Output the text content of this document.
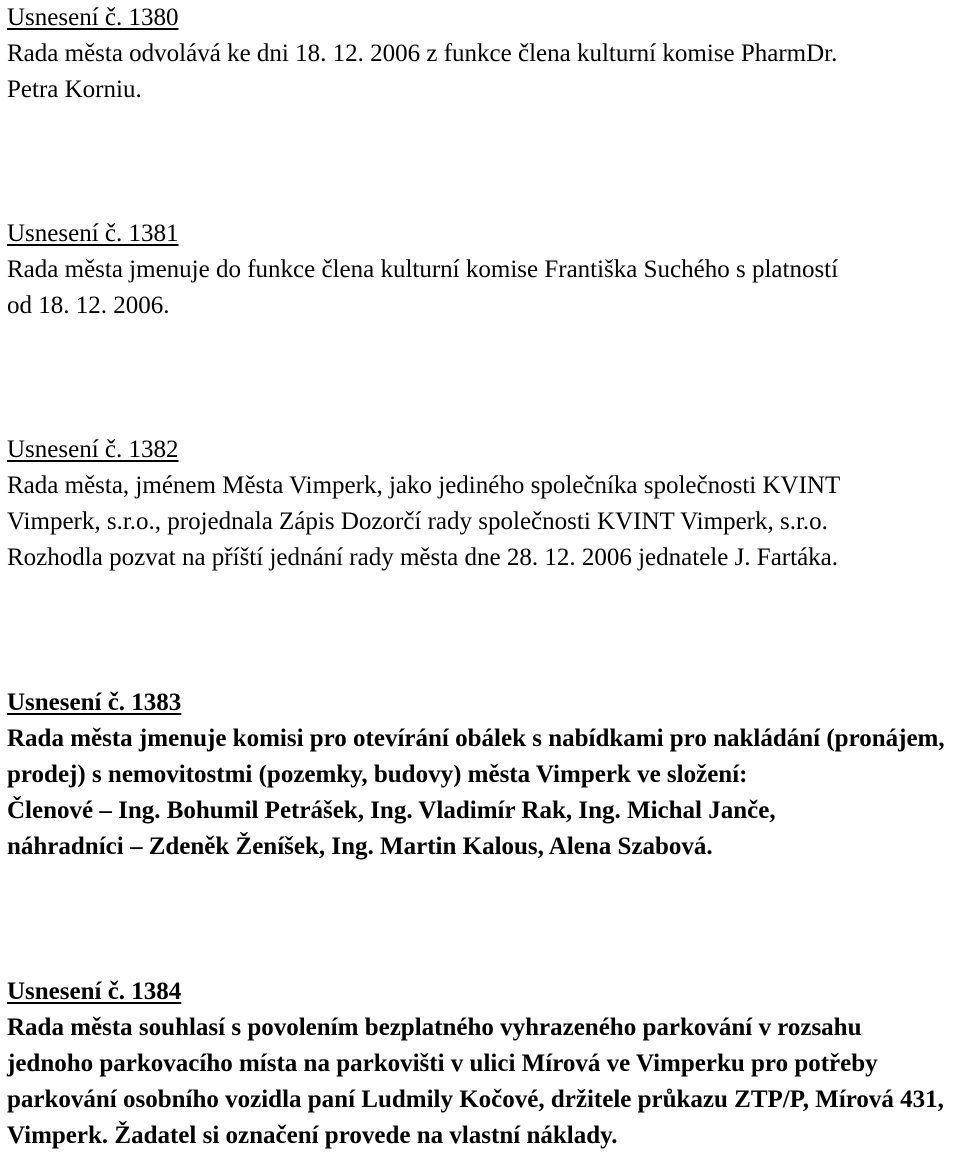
Usnesení č. 1380
Rada města odvolává ke dni 18. 12. 2006 z funkce člena kulturní komise PharmDr.
Petra Korniu.
Usnesení č. 1381
Rada města jmenuje do funkce člena kulturní komise Františka Suchého s platností
od 18. 12. 2006.
Usnesení č. 1382
Rada města, jménem Města Vimperk, jako jediného společníka společnosti KVINT
Vimperk, s.r.o., projednala Zápis Dozorčí rady společnosti KVINT Vimperk, s.r.o.
Rozhodla pozvat na příští jednání rady města dne 28. 12. 2006 jednatele J. Fartáka.
Usnesení č. 1383
Rada města jmenuje komisi pro otevírání obálek s nabídkami pro nakládání (pronájem,
prodej) s nemovitostmi (pozemky, budovy) města Vimperk ve složení:
Členové – Ing. Bohumil Petrášek, Ing. Vladimír Rak, Ing. Michal Janče,
náhradníci – Zdeněk Ženíšek, Ing. Martin Kalous, Alena Szabová.
Usnesení č. 1384
Rada města souhlasí s povolením bezplatného vyhrazeného parkování v rozsahu
jednoho parkovacího místa na parkovišti v ulici Mírová ve Vimperku pro potřeby
parkování osobního vozidla paní Ludmily Kočové, držitele průkazu ZTP/P, Mírová 431,
Vimperk. Žadatel si označení provede na vlastní náklady.
